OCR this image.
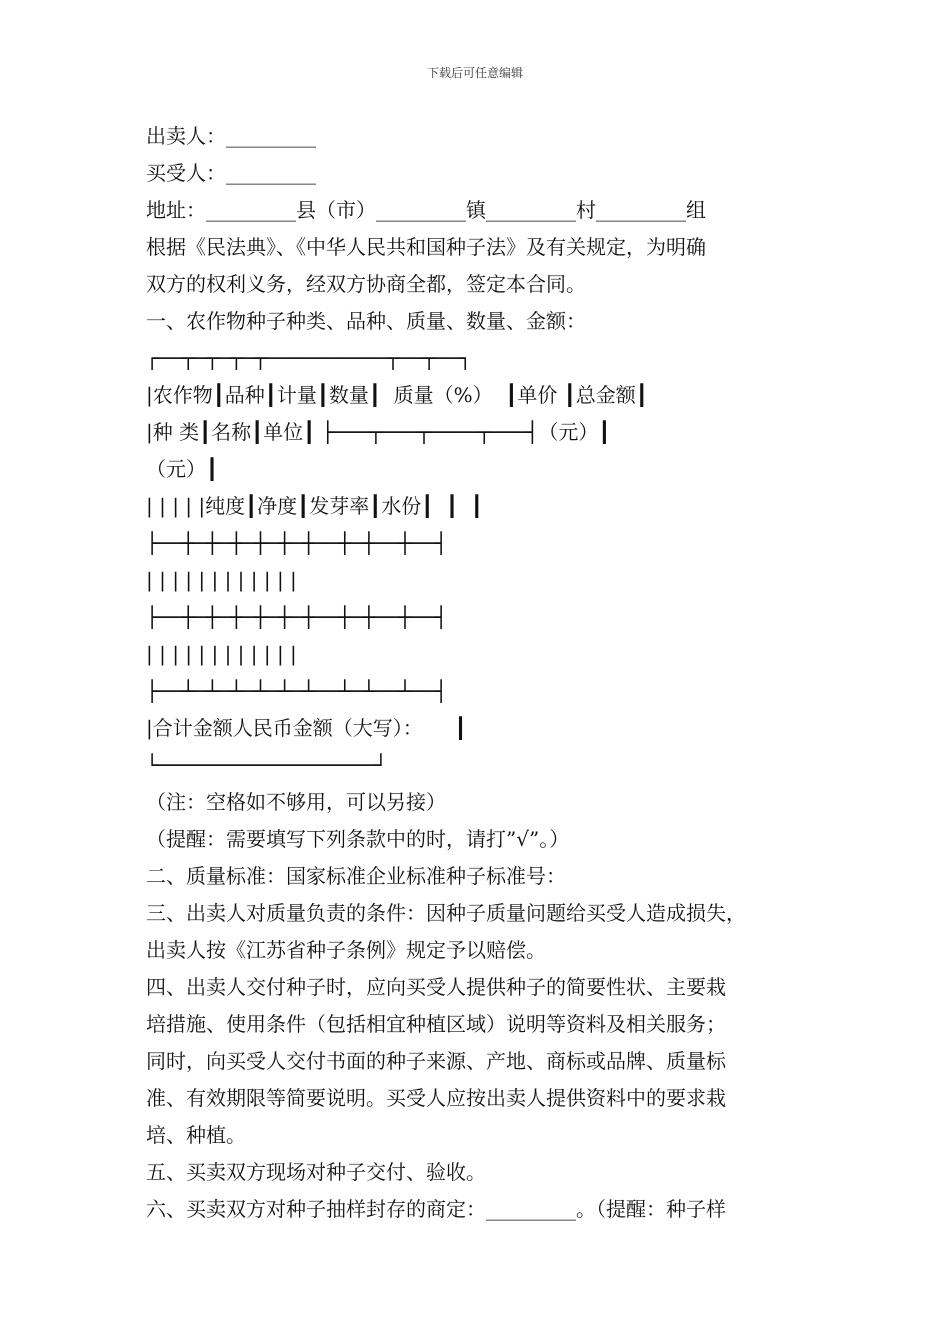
下载后可任意编辑
出卖人：_________
买受人：_________
地址：_________县（市）_________镇_________村_________组
根据《民法典》、《中华人民共和国种子法》及有关规定，为明确
双方的权利义务，经双方协商全都，签定本合同。
一、农作物种子种类、品种、质量、数量、金额：
┌──┬─┬─┬─┬──────────┬──┬──┐
|农作物┃品种┃计量┃数量┃  质量（%）  ┃单价 ┃总金额┃
|种 类┃名称┃单位┃ ├───┬───┬────┬───┤（元）┃
（元）┃
| | | | |纯度┃净度┃发芽率┃水份┃  ┃  ┃
├──┼─┼─┼─┼─┼─┼──┼─┼──┼──┤
| | | | | | | | | | | |
├──┼─┼─┼─┼─┼─┼──┼─┼──┼──┤
| | | | | | | | | | | |
├──┴─┴─┴─┴─┴─┴──┴─┴──┴──┤
|合计金额人民币金额（大写）：     ┃
└──────────────────┘
（注：空格如不够用，可以另接）
（提醒：需要填写下列条款中的时，请打”√”。）
二、质量标准：国家标准企业标准种子标准号：
三、出卖人对质量负责的条件：因种子质量问题给买受人造成损失，
出卖人按《江苏省种子条例》规定予以赔偿。
四、出卖人交付种子时，应向买受人提供种子的简要性状、主要栽
培措施、使用条件（包括相宜种植区域）说明等资料及相关服务；
同时，向买受人交付书面的种子来源、产地、商标或品牌、质量标
准、有效期限等简要说明。买受人应按出卖人提供资料中的要求栽
培、种植。
五、买卖双方现场对种子交付、验收。
六、买卖双方对种子抽样封存的商定：_________。（提醒：种子样
